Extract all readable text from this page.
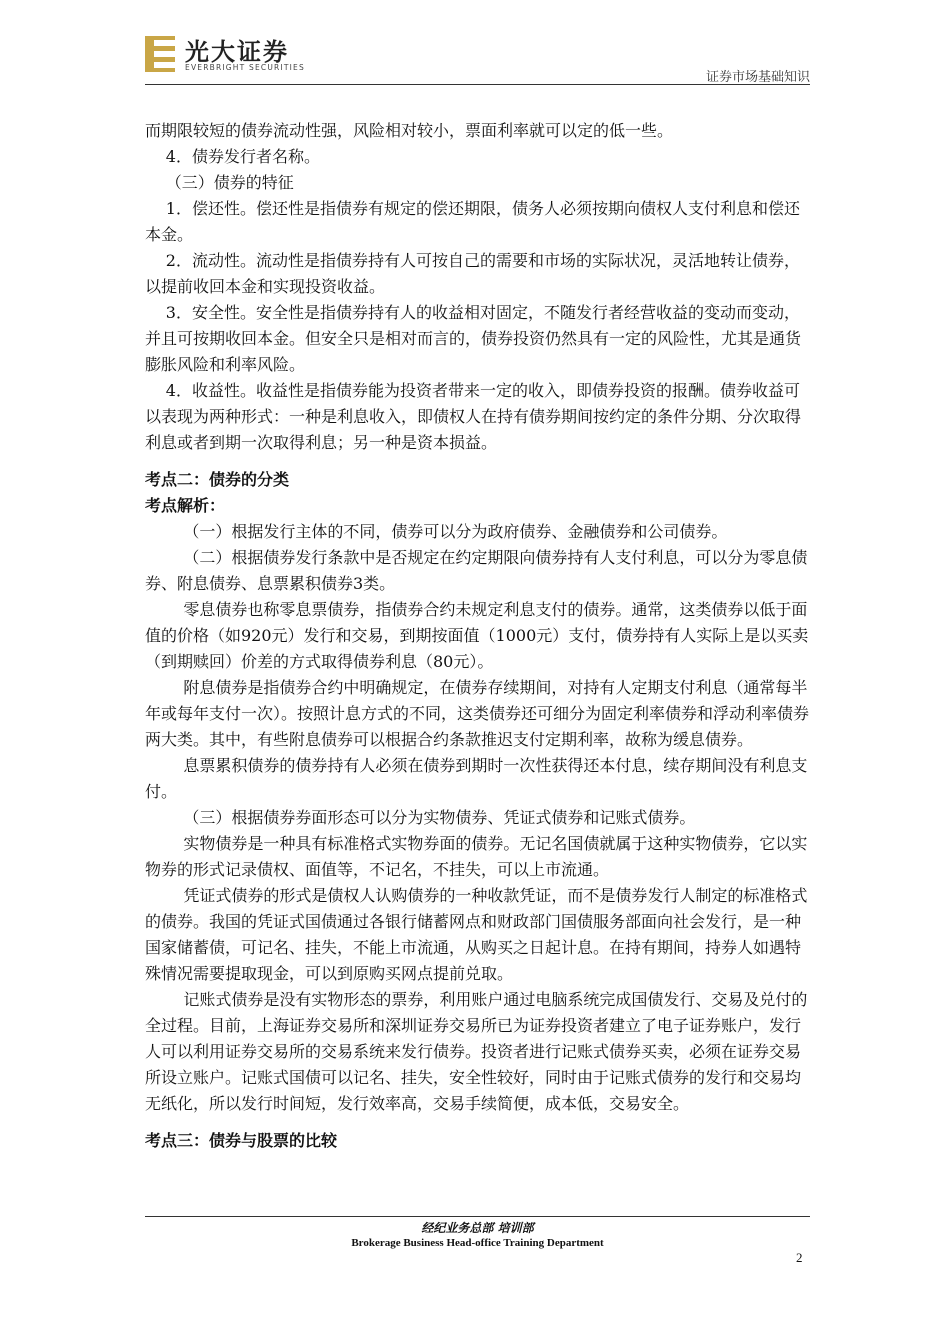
光大证券
EVERBRIGHT SECURITIES
证券市场基础知识

而期限较短的债券流动性强，风险相对较小，票面利率就可以定的低一些。

4．债券发行者名称。

（三）债券的特征

1．偿还性。偿还性是指债券有规定的偿还期限，债务人必须按期向债权人支付利息和偿还本金。

2．流动性。流动性是指债券持有人可按自己的需要和市场的实际状况，灵活地转让债券，以提前收回本金和实现投资收益。

3．安全性。安全性是指债券持有人的收益相对固定，不随发行者经营收益的变动而变动，并且可按期收回本金。但安全只是相对而言的，债券投资仍然具有一定的风险性，尤其是通货膨胀风险和利率风险。

4．收益性。收益性是指债券能为投资者带来一定的收入，即债券投资的报酬。债券收益可以表现为两种形式：一种是利息收入，即债权人在持有债券期间按约定的条件分期、分次取得利息或者到期一次取得利息；另一种是资本损益。

考点二：债券的分类

考点解析：

（一）根据发行主体的不同，债券可以分为政府债券、金融债券和公司债券。

（二）根据债券发行条款中是否规定在约定期限向债券持有人支付利息，可以分为零息债券、附息债券、息票累积债券3类。

零息债券也称零息票债券，指债券合约未规定利息支付的债券。通常，这类债券以低于面值的价格（如920元）发行和交易，到期按面值（1000元）支付，债券持有人实际上是以买卖（到期赎回）价差的方式取得债券利息（80元）。

附息债券是指债券合约中明确规定，在债券存续期间，对持有人定期支付利息（通常每半年或每年支付一次）。按照计息方式的不同，这类债券还可细分为固定利率债券和浮动利率债券两大类。其中，有些附息债券可以根据合约条款推迟支付定期利率，故称为缓息债券。

息票累积债券的债券持有人必须在债券到期时一次性获得还本付息，续存期间没有利息支付。

（三）根据债券券面形态可以分为实物债券、凭证式债券和记账式债券。

实物债券是一种具有标准格式实物券面的债券。无记名国债就属于这种实物债券，它以实物券的形式记录债权、面值等，不记名，不挂失，可以上市流通。

凭证式债券的形式是债权人认购债券的一种收款凭证，而不是债券发行人制定的标准格式的债券。我国的凭证式国债通过各银行储蓄网点和财政部门国债服务部面向社会发行，是一种国家储蓄债，可记名、挂失，不能上市流通，从购买之日起计息。在持有期间，持券人如遇特殊情况需要提取现金，可以到原购买网点提前兑取。

记账式债券是没有实物形态的票券，利用账户通过电脑系统完成国债发行、交易及兑付的全过程。目前，上海证券交易所和深圳证券交易所已为证券投资者建立了电子证券账户，发行人可以利用证券交易所的交易系统来发行债券。投资者进行记账式债券买卖，必须在证券交易所设立账户。记账式国债可以记名、挂失，安全性较好，同时由于记账式债券的发行和交易均无纸化，所以发行时间短，发行效率高，交易手续简便，成本低，交易安全。

考点三：债券与股票的比较

经纪业务总部 培训部
Brokerage Business Head-office Training Department
2
